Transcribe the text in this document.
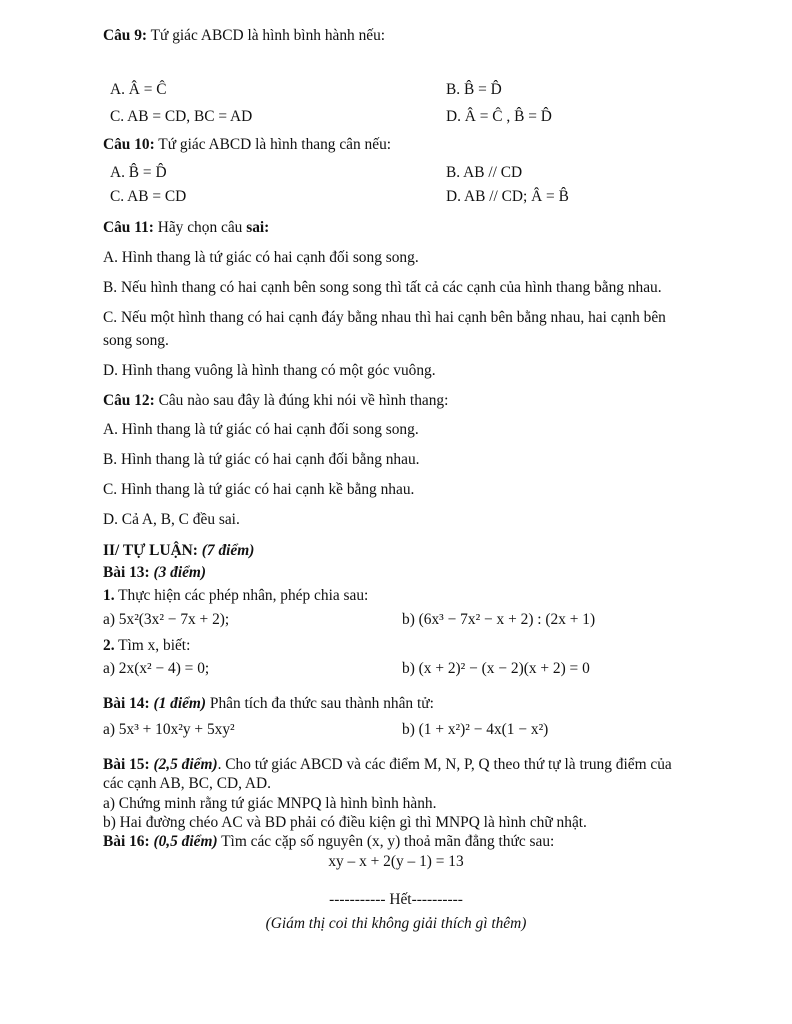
Câu 9: Tứ giác ABCD là hình bình hành nếu:
A. Â = Ĉ	B. B̂ = D̂
C. AB = CD, BC = AD	D. Â = Ĉ , B̂ = D̂
Câu 10: Tứ giác ABCD là hình thang cân nếu:
A. B̂ = D̂	B. AB // CD
C. AB = CD	D. AB // CD; Â = B̂
Câu 11: Hãy chọn câu sai:
A. Hình thang là tứ giác có hai cạnh đối song song.
B. Nếu hình thang có hai cạnh bên song song thì tất cả các cạnh của hình thang bằng nhau.
C. Nếu một hình thang có hai cạnh đáy bằng nhau thì hai cạnh bên bằng nhau, hai cạnh bên
song song.
D. Hình thang vuông là hình thang có một góc vuông.
Câu 12: Câu nào sau đây là đúng khi nói về hình thang:
A. Hình thang là tứ giác có hai cạnh đối song song.
B. Hình thang là tứ giác có hai cạnh đối bằng nhau.
C. Hình thang là tứ giác có hai cạnh kề bằng nhau.
D. Cả A, B, C đều sai.
II/ TỰ LUẬN: (7 điểm)
Bài 13: (3 điểm)
1. Thực hiện các phép nhân, phép chia sau:
a) 5x²(3x² − 7x + 2);	b) (6x³ − 7x² − x + 2) : (2x + 1)
2. Tìm x, biết:
a) 2x(x² − 4) = 0;	b) (x + 2)² − (x − 2)(x + 2) = 0
Bài 14: (1 điểm) Phân tích đa thức sau thành nhân tử:
a) 5x³ + 10x²y + 5xy²	b) (1 + x²)² − 4x(1 − x²)
Bài 15: (2,5 điểm). Cho tứ giác ABCD và các điểm M, N, P, Q theo thứ tự là trung điểm của
các cạnh AB, BC, CD, AD.
a) Chứng minh rằng tứ giác MNPQ là hình bình hành.
b) Hai đường chéo AC và BD phải có điều kiện gì thì MNPQ là hình chữ nhật.
Bài 16: (0,5 điểm) Tìm các cặp số nguyên (x, y) thoả mãn đẳng thức sau:
xy – x + 2(y – 1) = 13
----------- Hết----------
(Giám thị coi thi không giải thích gì thêm)
